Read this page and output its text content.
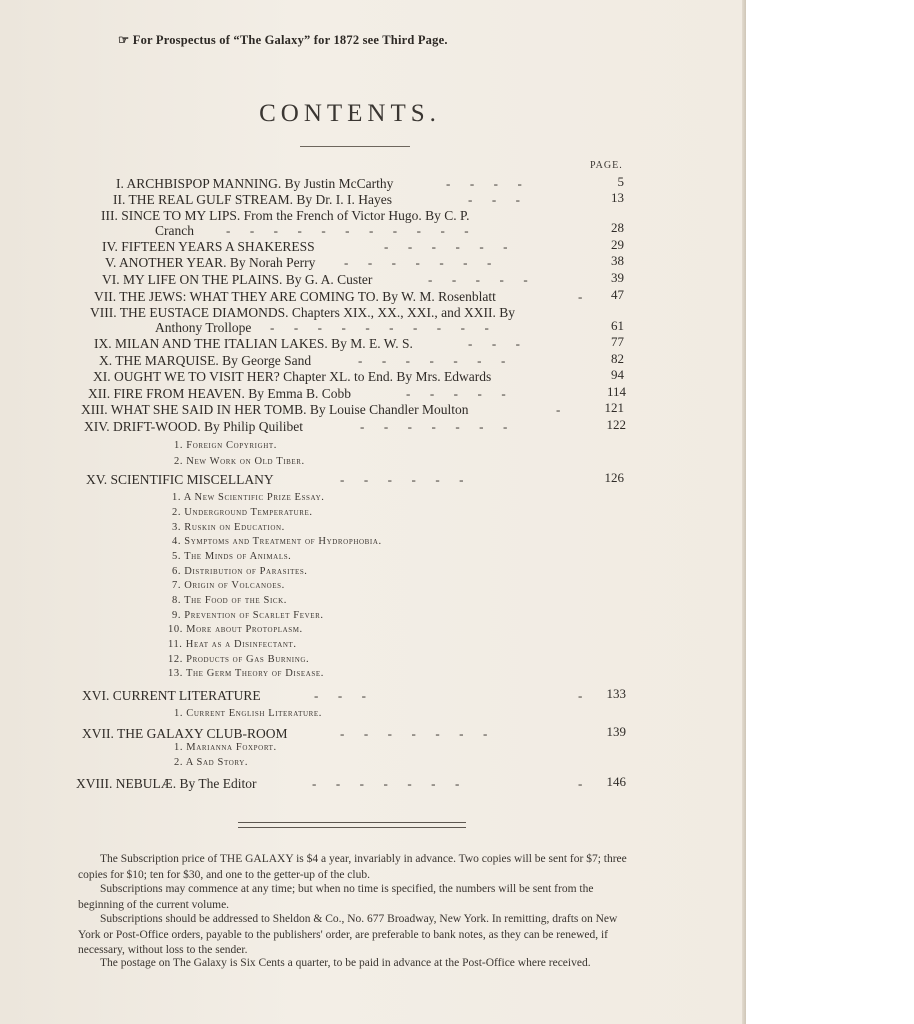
☞ For Prospectus of “The Galaxy” for 1872 see Third Page.
CONTENTS.
PAGE.
I. ARCHBISPOP MANNING. By Justin McCarthy	-      -      -      -	5
II. THE REAL GULF STREAM. By Dr. I. I. Hayes	-      -      -	13
III. SINCE TO MY LIPS. From the French of Victor Hugo. By C. P.
Cranch -      -      -      -      -      -      -      -      -      -      -	28
IV. FIFTEEN YEARS A SHAKERESS	-      -      -      -      -      -	29
V. ANOTHER YEAR. By Norah Perry -      -      -      -      -      -      -	38
VI. MY LIFE ON THE PLAINS. By G. A. Custer	-      -      -      -      -	39
VII. THE JEWS: WHAT THEY ARE COMING TO. By W. M. Rosenblatt	-	47
VIII. THE EUSTACE DIAMONDS. Chapters XIX., XX., XXI., and XXII. By
Anthony Trollope -      -      -      -      -      -      -      -      -      -	61
IX. MILAN AND THE ITALIAN LAKES. By M. E. W. S.	-      -      -	77
X. THE MARQUISE. By George Sand	-      -      -      -      -      -      -	82
XI. OUGHT WE TO VISIT HER? Chapter XL. to End. By Mrs. Edwards	94
XII. FIRE FROM HEAVEN. By Emma B. Cobb	-      -      -      -      -	114
XIII. WHAT SHE SAID IN HER TOMB. By Louise Chandler Moulton	-	121
XIV. DRIFT-WOOD. By Philip Quilibet	-      -      -      -      -      -      -	122
1. Foreign Copyright.
2. New Work on Old Tiber.
XV. SCIENTIFIC MISCELLANY	-      -      -      -      -      -	126
1. A New Scientific Prize Essay.
2. Underground Temperature.
3. Ruskin on Education.
4. Symptoms and Treatment of Hydrophobia.
5. The Minds of Animals.
6. Distribution of Parasites.
7. Origin of Volcanoes.
8. The Food of the Sick.
9. Prevention of Scarlet Fever.
10. More about Protoplasm.
11. Heat as a Disinfectant.
12. Products of Gas Burning.
13. The Germ Theory of Disease.
XVI. CURRENT LITERATURE	-      -      -	-	133
1. Current English Literature.
XVII. THE GALAXY CLUB-ROOM	-      -      -      -      -      -      -	139
1. Marianna Foxport.
2. A Sad Story.
XVIII. NEBULÆ. By The Editor	-      -      -      -      -      -      -	-	146
The Subscription price of THE GALAXY is $4 a year, invariably in advance. Two copies will be sent for $7; three copies for $10; ten for $30, and one to the getter-up of the club.
Subscriptions may commence at any time; but when no time is specified, the numbers will be sent from the beginning of the current volume.
Subscriptions should be addressed to Sheldon & Co., No. 677 Broadway, New York. In remitting, drafts on New York or Post-Office orders, payable to the publishers' order, are preferable to bank notes, as they can be renewed, if necessary, without loss to the sender.
The postage on The Galaxy is Six Cents a quarter, to be paid in advance at the Post-Office where received.
